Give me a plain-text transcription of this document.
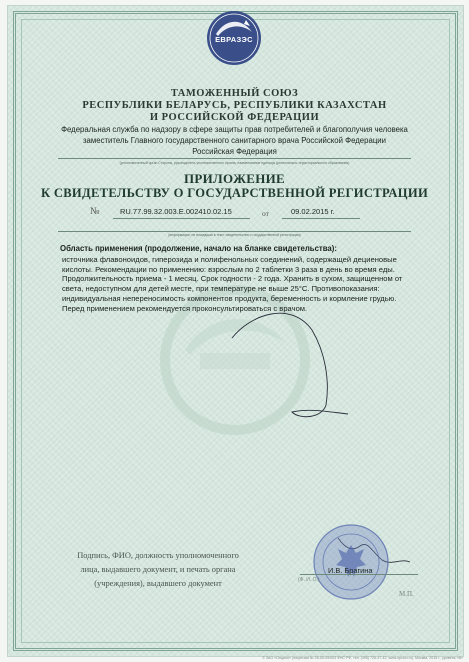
ЕВРАЗЭС
ТАМОЖЕННЫЙ СОЮЗ
РЕСПУБЛИКИ БЕЛАРУСЬ, РЕСПУБЛИКИ КАЗАХСТАН
И РОССИЙСКОЙ ФЕДЕРАЦИИ
Федеральная служба по надзору в сфере защиты прав потребителей и благополучия человека
заместитель Главного государственного санитарного врача Российской Федерации
Российская Федерация
(уполномоченный орган Стороны, руководитель уполномоченного органа, наименование единицы (регионально-территориального образования)
ПРИЛОЖЕНИЕ
К СВИДЕТЕЛЬСТВУ О ГОСУДАРСТВЕННОЙ РЕГИСТРАЦИИ
№	RU.77.99.32.003.E.002410.02.15	от	09.02.2015 г.
(информация, не вошедшая в текст свидетельства о государственной регистрации)

Область применения (продолжение, начало на бланке свидетельства):

источника флавоноидов, гиперозида и полифенольных соединений, содержащей дециеновые
кислоты. Рекомендации по применению: взрослым по 2 таблетки 3 раза в день во время еды.
Продолжительность приема - 1 месяц. Срок годности - 2 года. Хранить в сухом, защищенном от
света, недоступном для детей месте, при температуре не выше 25°С. Противопоказания:
индивидуальная непереносимость компонентов продукта, беременность и кормление грудью.
Перед применением рекомендуется проконсультироваться с врачом.

Подпись, ФИО, должность уполномоченного
лица, выдавшего документ, и печать органа
(учреждения), выдавшего документ
И.В. Брагина
(Ф. И. О.)
М.П.
© ЗАО «Опцион» (лицензия № 05-05-09/003 ФНС РФ, тел. (495) 726-47-42, www.opcion.ru), Москва, 2015 г., уровень «В»
